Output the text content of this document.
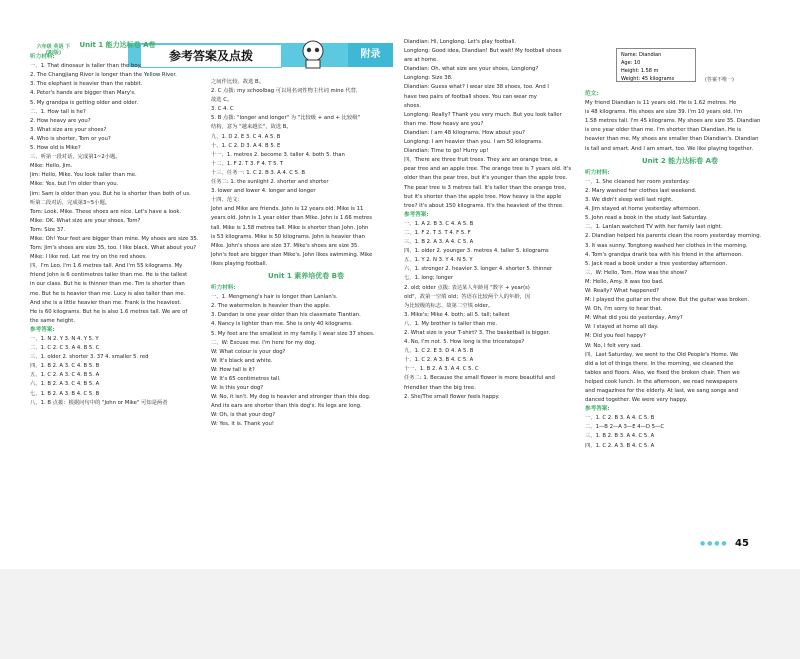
六年级 英语 下 (RJ版)	参考答案及点拨	附录
Unit 1 能力达标卷 A卷
听力材料:
一、1. That dinosaur is taller than the boy.
2. The Changjiang River is longer than the Yellow River.
3. The elephant is heavier than the rabbit.
4. Peter's hands are bigger than Mary's.
5. My grandpa is getting older and older.
二、1. How tall is he?
2. How heavy are you?
3. What size are your shoes?
4. Who is shorter, Tom or you?
5. How old is Mike?
三、听第一段对话，完成第1~2小题。
Mike: Hello, Jim.
Jim: Hello, Mike. You look taller than me.
Mike: Yes, but I'm older than you.
Jim: Sam is older than you. But he is shorter than both of us.
听第二段对话，完成第3~5小题。
Tom: Look, Mike. These shoes are nice. Let's have a look.
Mike: OK. What size are your shoes, Tom?
Tom: Size 37.
Mike: Oh! Your feet are bigger than mine. My shoes are size 35.
Tom: Jim's shoes are size 35, too. I like black. What about you?
Mike: I like red. Let me try on the red shoes.
四、I'm Leo. I'm 1.6 metres tall. And I'm 55 kilograms. My
friend John is 6 centimetres taller than me. He is the tallest
in our class. But he is thinner than me. Tim is shorter than
me. But he is heavier than me. Lucy is also taller than me.
And she is a little heavier than me. Frank is the heaviest.
He is 60 kilograms. But he is also 1.6 metres tall. We are of
the same height.
参考答案:
一、1. N 2. Y 3. N 4. Y 5. Y
二、1. C 2. C 3. A 4. B 5. C
三、1. older 2. shorter 3. 37 4. smaller 5. red
四、1. B 2. A 3. C 4. B 5. B
五、1. C 2. A 3. C 4. B 5. A
六、1. B 2. A 3. C 4. B 5. A
七、1. B 2. A 3. B 4. C 5. B
八、1. B 点拨：根据问句中的 "John or Mike" 可知是两者
之间作比较，故选 B。
2. C 点拨: my schoolbag 可以用名词性物主代词 mine 代替,
故选 C。
3. C 4. C
5. B 点拨: "longer and longer" 为 "比较级 + and + 比较级"
结构，意为 "越来越长"，故选 B。
九、1. D 2. E 3. C 4. A 5. B
十、1. C 2. D 3. A 4. B 5. E
十一、1. metres 2. become 3. taller 4. both 5. than
十二、1. F 2. T 3. F 4. T 5. T
十三、任务一: 1. C 2. B 3. A 4. C 5. B
任务二: 1. the sunlight 2. shorter and shorter
3. lower and lower 4. longer and longer
十四、范文:
John and Mike are friends. John is 12 years old. Mike is 11
years old. John is 1 year older than Mike. John is 1.66 metres
tall. Mike is 1.58 metres tall. Mike is shorter than John. John
is 53 kilograms. Mike is 50 kilograms. John is heavier than
Mike. John's shoes are size 37. Mike's shoes are size 35.
John's feet are bigger than Mike's. John likes swimming. Mike
likes playing football.
Unit 1 素养培优卷 B卷
听力材料:
一、1. Mengmeng's hair is longer than Lanlan's.
2. The watermelon is heavier than the apple.
3. Dandan is one year older than his classmate Tiantian.
4. Nancy is lighter than me. She is only 40 kilograms.
5. My feet are the smallest in my family. I wear size 37 shoes.
二、W: Excuse me. I'm here for my dog.
W: What colour is your dog?
W: It's black and white.
W: How tall is it?
W: It's 65 centimetres tall.
W: Is this your dog?
W: No, it isn't. My dog is heavier and stronger than this dog.
And its ears are shorter than this dog's. Its legs are long.
W: Oh, is that your dog?
W: Yes, it is. Thank you!
Diandian: Hi, Longlong. Let's play football.
Longlong: Good idea, Diandian! But wait! My football shoes
are at home.
Diandian: Oh, what size are your shoes, Longlong?
Longlong: Size 38.
Diandian: Guess what? I wear size 38 shoes, too. And I
have two pairs of football shoes. You can wear my
shoes.
Longlong: Really? Thank you very much. But you look taller
than me. How heavy are you?
Diandian: I am 48 kilograms. How about you?
Longlong: I am heavier than you. I am 50 kilograms.
Diandian: Time to go! Hurry up!
四、There are three fruit trees. They are an orange tree, a
pear tree and an apple tree. The orange tree is 7 years old. It's
older than the pear tree, but it's younger than the apple tree.
The pear tree is 3 metres tall. It's taller than the orange tree,
but it's shorter than the apple tree. How heavy is the apple
tree? It's about 150 kilograms. It's the heaviest of the three.
参考答案:
一、1. A 2. B 3. C 4. A 5. B
二、1. F 2. T 3. T 4. F 5. F
三、1. B 2. A 3. A 4. C 5. A
四、1. older 2. younger 3. metres 4. taller 5. kilograms
五、1. Y 2. N 3. Y 4. N 5. Y
六、1. stronger 2. heavier 3. longer 4. shorter 5. thinner
七、1. long; longer
2. old; older 点拨: 表达某人年龄用 "数字 + year(s)
old"，故第一空填 old；答语在比较两个人的年龄，因
为比较级的标志，故第二空填 older。
3. Mike's; Mike 4. both; all 5. tall; tallest
八、1. My brother is taller than me.
2. What size is your T-shirt? 3. The basketball is bigger.
4. No, I'm not. 5. How long is the triceratops?
九、1. C 2. E 3. D 4. A 5. B
十、1. C 2. A 3. B 4. C 5. A
十一、1. B 2. A 3. A 4. C 5. C
任务二: 1. Because the small flower is more beautiful and
friendlier than the big tree.
2. She/The small flower feels happy.
Name: Diandian
Age: 10
Height: 1.58 m
Weight: 45 kilograms	(答案不唯一)
范文:
My friend Diandian is 11 years old. He is 1.62 metres. He
is 48 kilograms. His shoes are size 39. I'm 10 years old. I'm
1.58 metres tall. I'm 45 kilograms. My shoes are size 35. Diandian
is one year older than me. I'm shorter than Diandian. He is
heavier than me. My shoes are smaller than Diandian's. Diandian
is tall and smart. And I am smart, too. We like playing together.
Unit 2 能力达标卷 A卷
听力材料:
一、1. She cleaned her room yesterday.
2. Mary washed her clothes last weekend.
3. We didn't sleep well last night.
4. Jim stayed at home yesterday afternoon.
5. John read a book in the study last Saturday.
二、1. Lanlan watched TV with her family last night.
2. Diandian helped his parents clean the room yesterday morning.
3. It was sunny. Tongtong washed her clothes in the morning.
4. Tom's grandpa drank tea with his friend in the afternoon.
5. Jack read a book under a tree yesterday afternoon.
三、W: Hello, Tom. How was the show?
M: Hello, Amy. It was too bad.
W: Really? What happened?
M: I played the guitar on the show. But the guitar was broken.
W: Oh, I'm sorry to hear that.
M: What did you do yesterday, Amy?
W: I stayed at home all day.
M: Did you feel happy?
W: No, I felt very sad.
四、Last Saturday, we went to the Old People's Home. We
did a lot of things there. In the morning, we cleaned the
tables and floors. Also, we fixed the broken chair. Then we
helped cook lunch. In the afternoon, we read newspapers
and magazines for the elderly. At last, we sang songs and
danced together. We were very happy.
参考答案:
一、1. C 2. B 3. A 4. C 5. B
二、1—B 2—A 3—E 4—D 5—C
三、1. B 2. B 3. A 4. C 5. A
四、1. C 2. A 3. B 4. C 5. A
● ● ● ● 45
